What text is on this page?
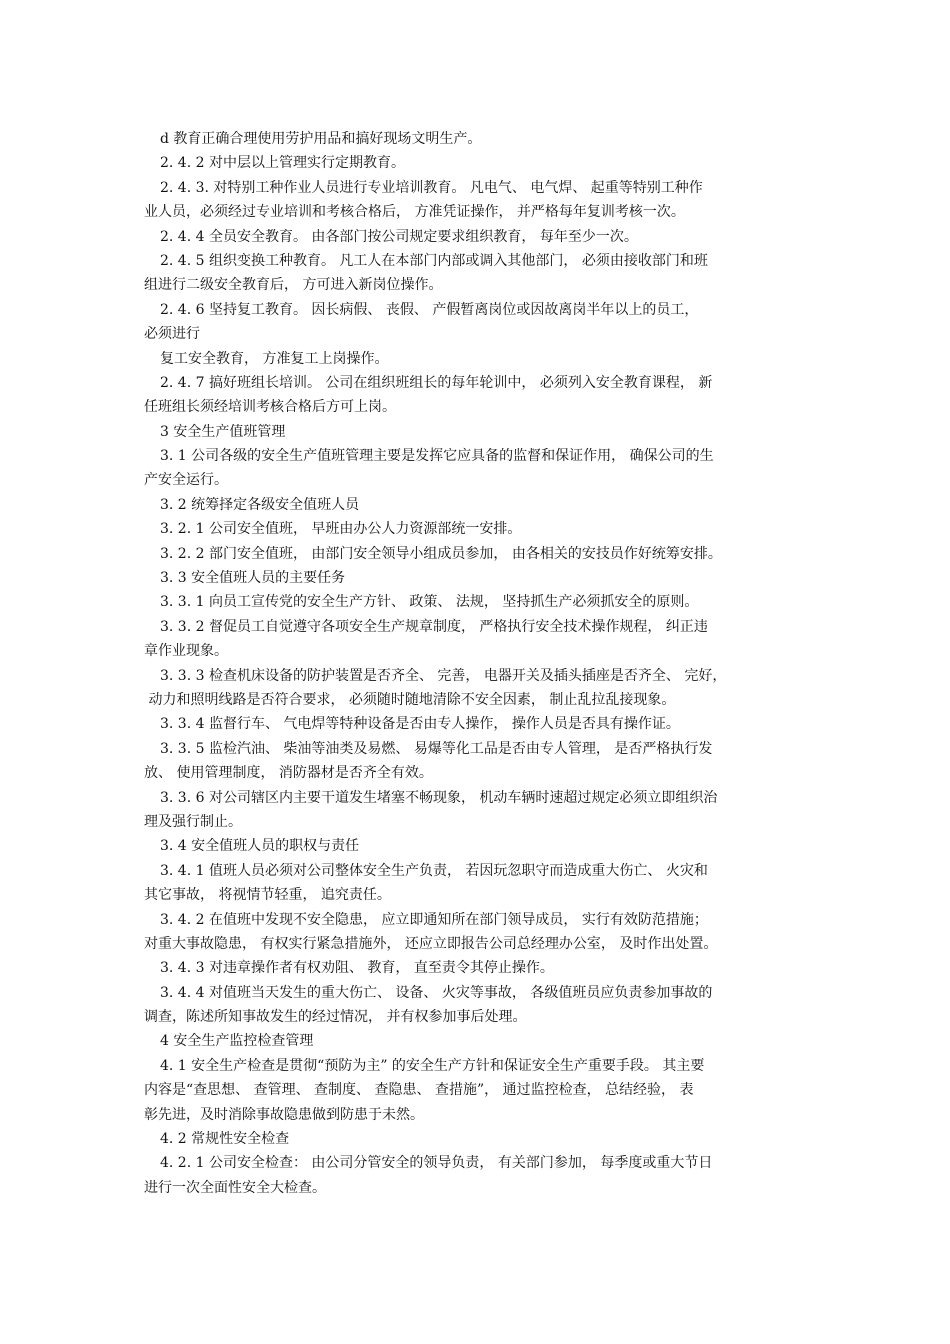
d 教育正确合理使用劳护用品和搞好现场文明生产。
2. 4. 2 对中层以上管理实行定期教育。
2. 4. 3. 对特别工种作业人员进行专业培训教育。 凡电气、 电气焊、 起重等特别工种作
业人员，必须经过专业培训和考核合格后， 方准凭证操作， 并严格每年复训考核一次。
2. 4. 4 全员安全教育。 由各部门按公司规定要求组织教育， 每年至少一次。
2. 4. 5 组织变换工种教育。 凡工人在本部门内部或调入其他部门， 必须由接收部门和班
组进行二级安全教育后， 方可进入新岗位操作。
2. 4. 6 坚持复工教育。 因长病假、 丧假、 产假暂离岗位或因故离岗半年以上的员工，
必须进行
复工安全教育， 方准复工上岗操作。
2. 4. 7 搞好班组长培训。 公司在组织班组长的每年轮训中， 必须列入安全教育课程， 新
任班组长须经培训考核合格后方可上岗。
3 安全生产值班管理
3. 1 公司各级的安全生产值班管理主要是发挥它应具备的监督和保证作用， 确保公司的生
产安全运行。
3. 2 统筹择定各级安全值班人员
3. 2. 1 公司安全值班， 早班由办公人力资源部统一安排。
3. 2. 2 部门安全值班， 由部门安全领导小组成员参加， 由各相关的安技员作好统筹安排。
3. 3 安全值班人员的主要任务
3. 3. 1 向员工宣传党的安全生产方针、 政策、 法规， 坚持抓生产必须抓安全的原则。
3. 3. 2 督促员工自觉遵守各项安全生产规章制度， 严格执行安全技术操作规程， 纠正违
章作业现象。
3. 3. 3 检查机床设备的防护装置是否齐全、 完善， 电器开关及插头插座是否齐全、 完好，
动力和照明线路是否符合要求， 必须随时随地清除不安全因素， 制止乱拉乱接现象。
3. 3. 4 监督行车、 气电焊等特种设备是否由专人操作， 操作人员是否具有操作证。
3. 3. 5 监检汽油、 柴油等油类及易燃、 易爆等化工品是否由专人管理， 是否严格执行发
放、 使用管理制度， 消防器材是否齐全有效。
3. 3. 6 对公司辖区内主要干道发生堵塞不畅现象， 机动车辆时速超过规定必须立即组织治
理及强行制止。
3. 4 安全值班人员的职权与责任
3. 4. 1 值班人员必须对公司整体安全生产负责， 若因玩忽职守而造成重大伤亡、 火灾和
其它事故， 将视情节轻重， 追究责任。
3. 4. 2 在值班中发现不安全隐患， 应立即通知所在部门领导成员， 实行有效防范措施；
对重大事故隐患， 有权实行紧急措施外， 还应立即报告公司总经理办公室， 及时作出处置。
3. 4. 3 对违章操作者有权劝阻、 教育， 直至责令其停止操作。
3. 4. 4 对值班当天发生的重大伤亡、 设备、 火灾等事故， 各级值班员应负责参加事故的
调查，陈述所知事故发生的经过情况， 并有权参加事后处理。
4 安全生产监控检查管理
4. 1 安全生产检查是贯彻“预防为主” 的安全生产方针和保证安全生产重要手段。 其主要
内容是“查思想、 查管理、 查制度、 查隐患、 查措施”， 通过监控检查， 总结经验， 表
彰先进，及时消除事故隐患做到防患于未然。
4. 2 常规性安全检查
4. 2. 1 公司安全检查： 由公司分管安全的领导负责， 有关部门参加， 每季度或重大节日
进行一次全面性安全大检查。
